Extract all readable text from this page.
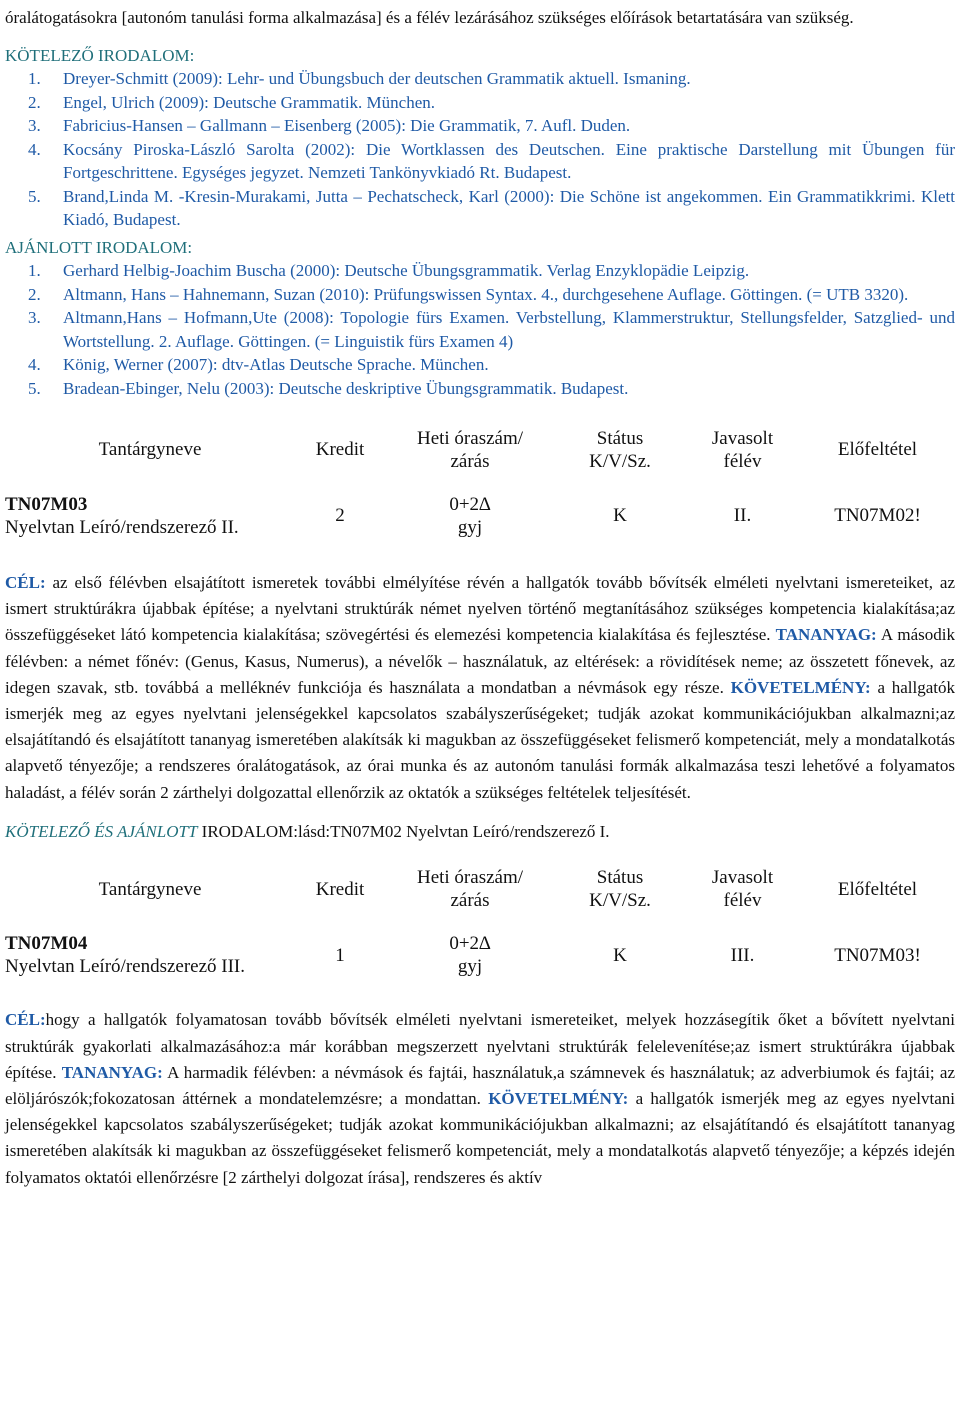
óralátogatásokra [autonóm tanulási forma alkalmazása] és a félév lezárásához szükséges előírások betartatására van szükség.
KÖTELEZŐ IRODALOM:
1. Dreyer-Schmitt (2009): Lehr- und Übungsbuch der deutschen Grammatik aktuell. Ismaning.
2. Engel, Ulrich (2009): Deutsche Grammatik. München.
3. Fabricius-Hansen – Gallmann – Eisenberg (2005): Die Grammatik, 7. Aufl. Duden.
4. Kocsány Piroska-László Sarolta (2002): Die Wortklassen des Deutschen. Eine praktische Darstellung mit Übungen für Fortgeschrittene. Egységes jegyzet. Nemzeti Tankönyvkiadó Rt. Budapest.
5. Brand,Linda M. -Kresin-Murakami, Jutta – Pechatscheck, Karl (2000): Die Schöne ist angekommen. Ein Grammatikkrimi. Klett Kiadó, Budapest.
AJÁNLOTT IRODALOM:
1. Gerhard Helbig-Joachim Buscha (2000): Deutsche Übungsgrammatik. Verlag Enzyklopädie Leipzig.
2. Altmann, Hans – Hahnemann, Suzan (2010): Prüfungswissen Syntax. 4., durchgesehene Auflage. Göttingen. (= UTB 3320).
3. Altmann,Hans – Hofmann,Ute (2008): Topologie fürs Examen. Verbstellung, Klammerstruktur, Stellungsfelder, Satzglied- und Wortstellung. 2. Auflage. Göttingen. (= Linguistik fürs Examen 4)
4. König, Werner (2007): dtv-Atlas Deutsche Sprache. München.
5. Bradean-Ebinger, Nelu (2003): Deutsche deskriptive Übungsgrammatik. Budapest.
Tantárgyneve	Kredit	Heti óraszám/ zárás	Státus K/V/Sz.	Javasolt félév	Előfeltétel

TN07M03
Nyelvtan Leíró/rendszerező II.	2	0+2∆ gyj	K	II.	TN07M02!
CÉL: az első félévben elsajátított ismeretek további elmélyítése révén a hallgatók tovább bővítsék elméleti nyelvtani ismereteiket, az ismert struktúrákra újabbak építése; a nyelvtani struktúrák német nyelven történő megtanításához szükséges kompetencia kialakítása;az összefüggéseket látó kompetencia kialakítása; szövegértési és elemezési kompetencia kialakítása és fejlesztése. TANANYAG: A második félévben: a német főnév: (Genus, Kasus, Numerus), a névelők – használatuk, az eltérések: a rövidítések neme; az összetett főnevek, az idegen szavak, stb. továbbá a melléknév funkciója és használata a mondatban a névmások egy része. KÖVETELMÉNY: a hallgatók ismerjék meg az egyes nyelvtani jelenségekkel kapcsolatos szabályszerűségeket; tudják azokat kommunikációjukban alkalmazni;az elsajátítandó és elsajátított tananyag ismeretében alakítsák ki magukban az összefüggéseket felismerő kompetenciát, mely a mondatalkotás alapvető tényezője; a rendszeres óralátogatások, az órai munka és az autonóm tanulási formák alkalmazása teszi lehetővé a folyamatos haladást, a félév során 2 zárthelyi dolgozattal ellenőrzik az oktatók a szükséges feltételek teljesítését.
KÖTELEZŐ ÉS AJÁNLOTT IRODALOM:lásd:TN07M02 Nyelvtan Leíró/rendszerező I.
Tantárgyneve	Kredit	Heti óraszám/ zárás	Státus K/V/Sz.	Javasolt félév	Előfeltétel

TN07M04
Nyelvtan Leíró/rendszerező III.	1	0+2∆ gyj	K	III.	TN07M03!
CÉL:hogy a hallgatók folyamatosan tovább bővítsék elméleti nyelvtani ismereteiket, melyek hozzásegítik őket a bővített nyelvtani struktúrák gyakorlati alkalmazásához:a már korábban megszerzett nyelvtani struktúrák felelevenítése;az ismert struktúrákra újabbak építése. TANANYAG: A harmadik félévben: a névmások és fajtái, használatuk,a számnevek és használatuk; az adverbiumok és fajtái; az elöljárószók;fokozatosan áttérnek a mondatelemzésre; a mondattan. KÖVETELMÉNY: a hallgatók ismerjék meg az egyes nyelvtani jelenségekkel kapcsolatos szabályszerűségeket; tudják azokat kommunikációjukban alkalmazni; az elsajátítandó és elsajátított tananyag ismeretében alakítsák ki magukban az összefüggéseket felismerő kompetenciát, mely a mondatalkotás alapvető tényezője; a képzés idején folyamatos oktatói ellenőrzésre [2 zárthelyi dolgozat írása], rendszeres és aktív
